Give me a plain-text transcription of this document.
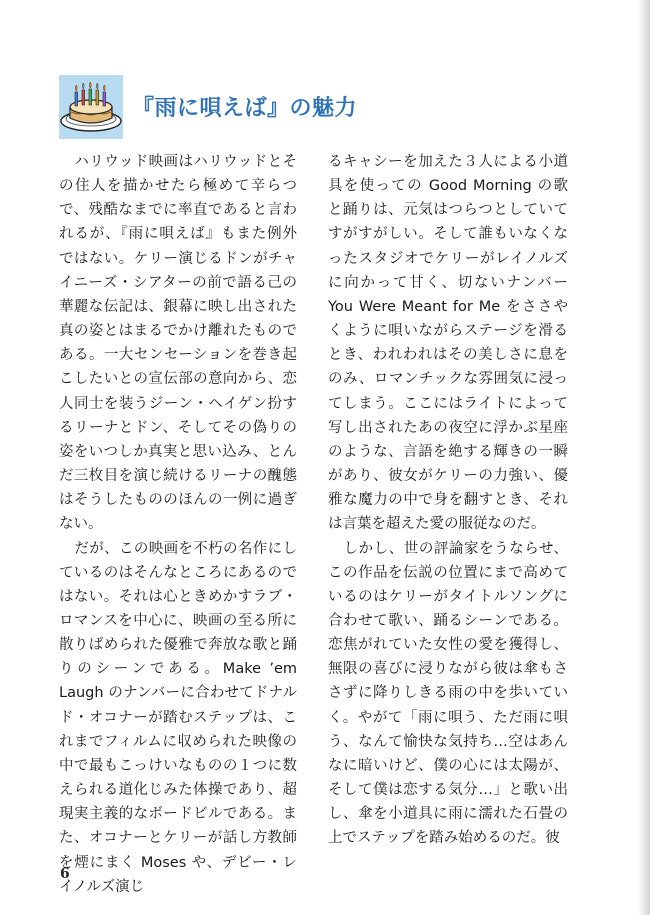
『雨に唄えば』の魅力

ハリウッド映画はハリウッドとその住人を描かせたら極めて辛らつで、残酷なまでに率直であると言われるが、『雨に唄えば』もまた例外ではない。ケリー演じるドンがチャイニーズ・シアターの前で語る己の華麗な伝記は、銀幕に映し出された真の姿とはまるでかけ離れたものである。一大センセーションを巻き起こしたいとの宣伝部の意向から、恋人同士を装うジーン・ヘイゲン扮するリーナとドン、そしてその偽りの姿をいつしか真実と思い込み、とんだ三枚目を演じ続けるリーナの醜態はそうしたもののほんの一例に過ぎない。

だが、この映画を不朽の名作にしているのはそんなところにあるのではない。それは心ときめかすラブ・ロマンスを中心に、映画の至る所に散りばめられた優雅で奔放な歌と踊りのシーンである。Make ’em Laugh のナンバーに合わせてドナルド・オコナーが踏むステップは、これまでフィルムに収められた映像の中で最もこっけいなものの１つに数えられる道化じみた体操であり、超現実主義的なボードビルである。また、オコナーとケリーが話し方教師を煙にまく Moses や、デビー・レイノルズ演じ

るキャシーを加えた３人による小道具を使っての Good Morning の歌と踊りは、元気はつらつとしていてすがすがしい。そして誰もいなくなったスタジオでケリーがレイノルズに向かって甘く、切ないナンバー You Were Meant for Me をささやくように唄いながらステージを滑るとき、われわれはその美しさに息をのみ、ロマンチックな雰囲気に浸ってしまう。ここにはライトによって写し出されたあの夜空に浮かぶ星座のような、言語を絶する輝きの一瞬があり、彼女がケリーの力強い、優雅な魔力の中で身を翻すとき、それは言葉を超えた愛の服従なのだ。

しかし、世の評論家をうならせ、この作品を伝説の位置にまで高めているのはケリーがタイトルソングに合わせて歌い、踊るシーンである。恋焦がれていた女性の愛を獲得し、無限の喜びに浸りながら彼は傘もささずに降りしきる雨の中を歩いていく。やがて「雨に唄う、ただ雨に唄う、なんて愉快な気持ち…空はあんなに暗いけど、僕の心には太陽が、そして僕は恋する気分…」と歌い出し、傘を小道具に雨に濡れた石畳の上でステップを踏み始めるのだ。彼

6
